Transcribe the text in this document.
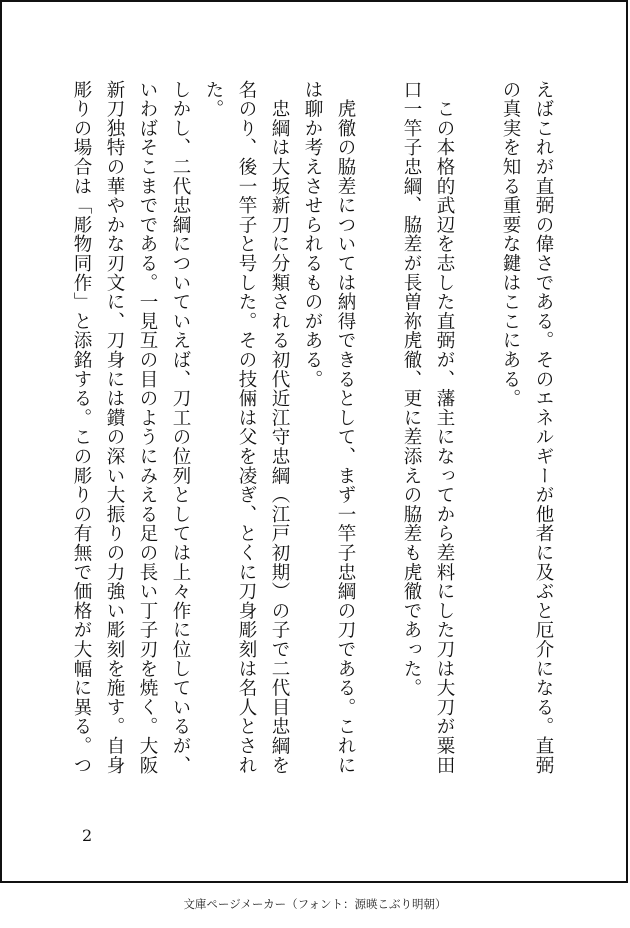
えばこれが直弼の偉さである。そのエネルギーが他者に及ぶと厄介になる。直弼の真実を知る重要な鍵はここにある。

　この本格的武辺を志した直弼が、藩主になってから差料にした刀は大刀が粟田口一竿子忠綱、脇差が長曽祢虎徹、更に差添えの脇差も虎徹であった。

　虎徹の脇差については納得できるとして、まず一竿子忠綱の刀である。これには聊か考えさせられるものがある。

　忠綱は大坂新刀に分類される初代近江守忠綱（江戸初期）の子で二代目忠綱を名のり、後一竿子と号した。その技倆は父を凌ぎ、とくに刀身彫刻は名人とされた。

しかし、二代忠綱についていえば、刀工の位列としては上々作に位しているが、いわばそこまでである。一見互の目のようにみえる足の長い丁子刃を焼く。大阪新刀独特の華やかな刃文に、刀身には鑚の深い大振りの力強い彫刻を施す。自身彫りの場合は「彫物同作」と添銘する。この彫りの有無で価格が大幅に異る。つ

2
文庫ページメーカー（フォント：源暎こぶり明朝）
